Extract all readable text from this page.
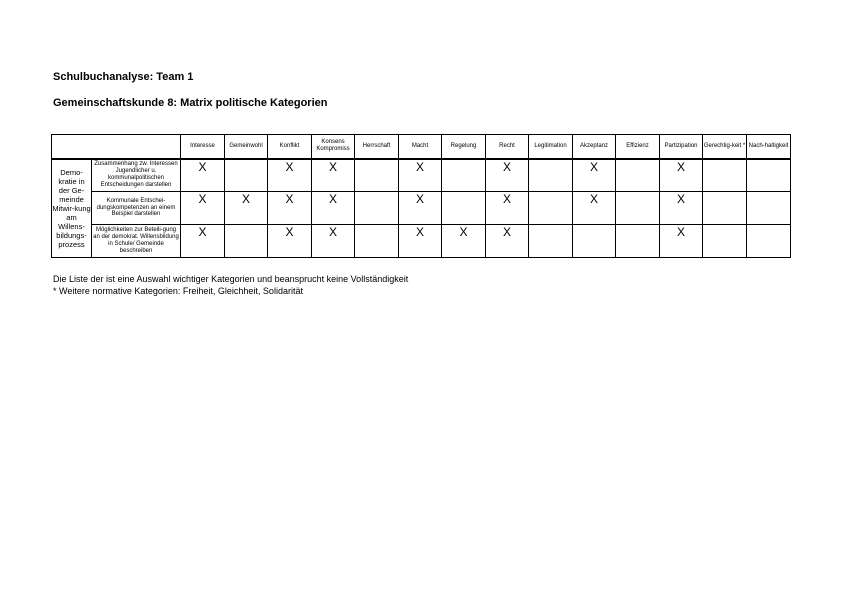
Schulbuchanalyse: Team 1
Gemeinschaftskunde 8: Matrix politische Kategorien
		Interesse	Gemeinwohl	Konflikt	Konsens Kompromiss	Herrschaft	Macht	Regelung	Recht	Legitimation	Akzeptanz	Effizienz	Partizipation	Gerechtig-keit *	Nach-haltigkeit
Demo-kratie in der Ge-meinde Mitwir-kung am Willens-bildungs-prozess	Zusammenhang zw. Interessen Jugendlicher u. kommunalpolitischen Entscheidungen darstellen	X		X	X		X		X		X		X		
	Kommunale Entschei-dungskompetenzen an einem Beispiel darstellen	X	X	X	X		X		X		X		X		
	Möglichkeiten zur Beteili-gung an der demokrat. Willensbildung in Schule/ Gemeinde beschreiben	X		X	X		X	X	X				X		
Die Liste der ist eine Auswahl wichtiger Kategorien und beansprucht keine Vollständigkeit
* Weitere normative Kategorien: Freiheit, Gleichheit, Solidarität
